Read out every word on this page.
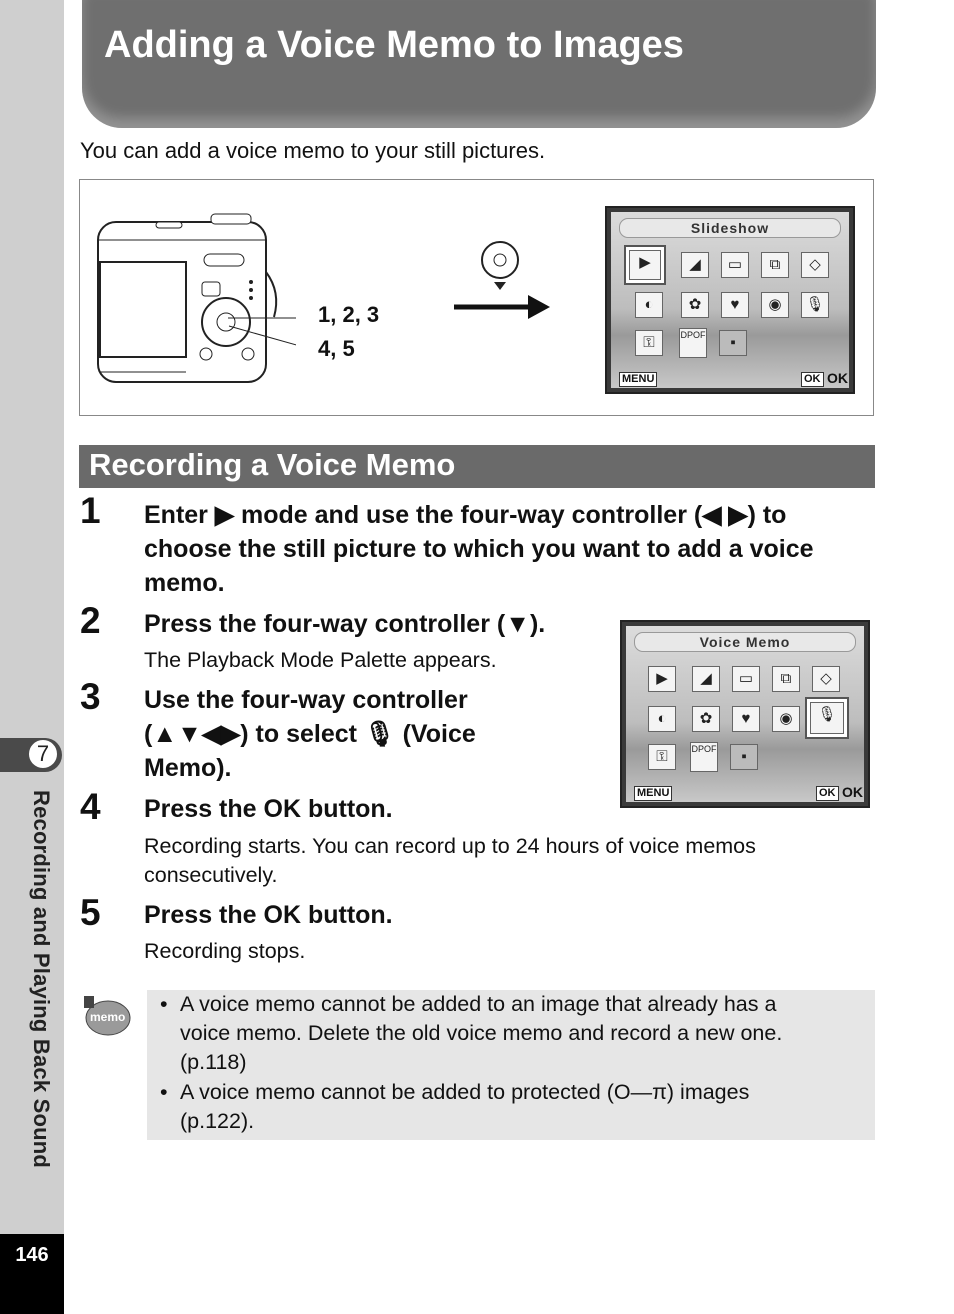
7
Recording and Playing Back Sound
146
Adding a Voice Memo to Images
You can add a voice memo to your still pictures.
1, 2, 3
4, 5
Slideshow
▶	◢	▭	⧉	◇
◐	✿	♥	◉	🎙
⚿	DPOF	▪
MENU	OK OK
Recording a Voice Memo
1 Enter ▶ mode and use the four-way controller (◀ ▶) to
choose the still picture to which you want to add a voice
memo.
2 Press the four-way controller (▼).
The Playback Mode Palette appears.
3 Use the four-way controller
(▲▼◀▶) to select 🎙 (Voice
Memo).
Voice Memo
▶	◢	▭	⧉	◇
◐	✿	♥	◉	🎙
⚿	DPOF	▪
MENU	OK OK
4 Press the OK button.
Recording starts. You can record up to 24 hours of voice memos
consecutively.
5 Press the OK button.
Recording stops.
memo
• A voice memo cannot be added to an image that already has a
voice memo. Delete the old voice memo and record a new one.
(p.118)
• A voice memo cannot be added to protected (O—π) images
(p.122).
